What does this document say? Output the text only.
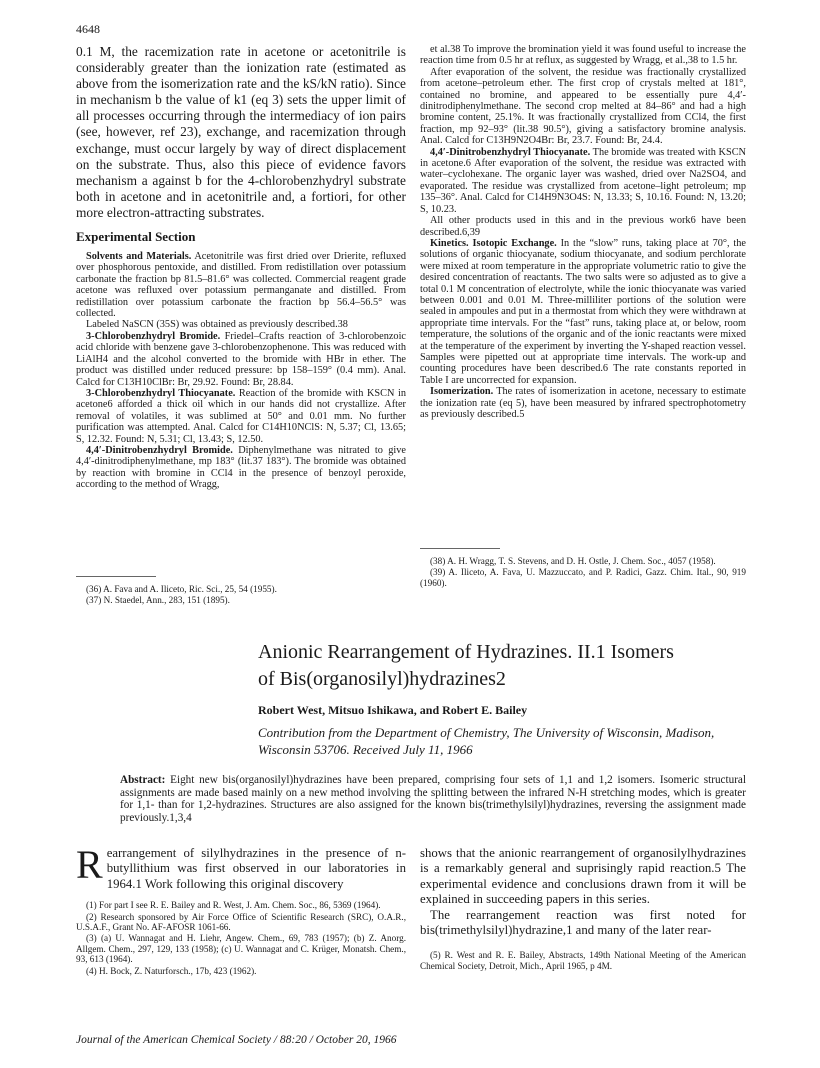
4648

0.1 M, the racemization rate in acetone or acetonitrile is considerably greater than the ionization rate (estimated as above from the isomerization rate and the kS/kN ratio). Since in mechanism b the value of k1 (eq 3) sets the upper limit of all processes occurring through the intermediacy of ion pairs (see, however, ref 23), exchange, and racemization through exchange, must occur largely by way of direct displacement on the substrate. Thus, also this piece of evidence favors mechanism a against b for the 4-chlorobenzhydryl substrate both in acetone and in acetonitrile and, a fortiori, for other more electron-attracting substrates.

Experimental Section

Solvents and Materials. Acetonitrile was first dried over Drierite, refluxed over phosphorous pentoxide, and distilled. From redistillation over potassium carbonate the fraction bp 81.5–81.6° was collected. Commercial reagent grade acetone was refluxed over potassium permanganate and distilled. From redistillation over potassium carbonate the fraction bp 56.4–56.5° was collected.

Labeled NaSCN (35S) was obtained as previously described.38

3-Chlorobenzhydryl Bromide. Friedel–Crafts reaction of 3-chlorobenzoic acid chloride with benzene gave 3-chlorobenzophenone. This was reduced with LiAlH4 and the alcohol converted to the bromide with HBr in ether. The product was distilled under reduced pressure: bp 158–159° (0.4 mm). Anal. Calcd for C13H10ClBr: Br, 29.92. Found: Br, 28.84.

3-Chlorobenzhydryl Thiocyanate. Reaction of the bromide with KSCN in acetone6 afforded a thick oil which in our hands did not crystallize. After removal of volatiles, it was sublimed at 50° and 0.01 mm. No further purification was attempted. Anal. Calcd for C14H10NClS: N, 5.37; Cl, 13.65; S, 12.32. Found: N, 5.31; Cl, 13.43; S, 12.50.

4,4′-Dinitrobenzhydryl Bromide. Diphenylmethane was nitrated to give 4,4′-dinitrodiphenylmethane, mp 183° (lit.37 183°). The bromide was obtained by reaction with bromine in CCl4 in the presence of benzoyl peroxide, according to the method of Wragg,

(36) A. Fava and A. Iliceto, Ric. Sci., 25, 54 (1955).

(37) N. Staedel, Ann., 283, 151 (1895).

et al.38 To improve the bromination yield it was found useful to increase the reaction time from 0.5 hr at reflux, as suggested by Wragg, et al.,38 to 1.5 hr.

After evaporation of the solvent, the residue was fractionally crystallized from acetone–petroleum ether. The first crop of crystals melted at 181°, contained no bromine, and appeared to be essentially pure 4,4′-dinitrodiphenylmethane. The second crop melted at 84–86° and had a high bromine content, 25.1%. It was fractionally crystallized from CCl4, the first fraction, mp 92–93° (lit.38 90.5°), giving a satisfactory bromine analysis. Anal. Calcd for C13H9N2O4Br: Br, 23.7. Found: Br, 24.4.

4,4′-Dinitrobenzhydryl Thiocyanate. The bromide was treated with KSCN in acetone.6 After evaporation of the solvent, the residue was extracted with water–cyclohexane. The organic layer was washed, dried over Na2SO4, and evaporated. The residue was crystallized from acetone–light petroleum; mp 135–36°. Anal. Calcd for C14H9N3O4S: N, 13.33; S, 10.16. Found: N, 13.20; S, 10.23.

All other products used in this and in the previous work6 have been described.6,39

Kinetics. Isotopic Exchange. In the “slow” runs, taking place at 70°, the solutions of organic thiocyanate, sodium thiocyanate, and sodium perchlorate were mixed at room temperature in the appropriate volumetric ratio to give the desired concentration of reactants. The two salts were so adjusted as to give a total 0.1 M concentration of electrolyte, while the ionic thiocyanate was varied between 0.001 and 0.01 M. Three-milliliter portions of the solution were sealed in ampoules and put in a thermostat from which they were withdrawn at appropriate time intervals. For the “fast” runs, taking place at, or below, room temperature, the solutions of the organic and of the ionic reactants were mixed at the temperature of the experiment by inverting the Y-shaped reaction vessel. Samples were pipetted out at appropriate time intervals. The work-up and counting procedures have been described.6 The rate constants reported in Table I are uncorrected for expansion.

Isomerization. The rates of isomerization in acetone, necessary to estimate the ionization rate (eq 5), have been measured by infrared spectrophotometry as previously described.5

(38) A. H. Wragg, T. S. Stevens, and D. H. Ostle, J. Chem. Soc., 4057 (1958).

(39) A. Iliceto, A. Fava, U. Mazzuccato, and P. Radici, Gazz. Chim. Ital., 90, 919 (1960).

Anionic Rearrangement of Hydrazines. II.1 Isomers
of Bis(organosilyl)hydrazines2
Robert West, Mitsuo Ishikawa, and Robert E. Bailey
Contribution from the Department of Chemistry, The University of Wisconsin, Madison, Wisconsin 53706. Received July 11, 1966
Abstract: Eight new bis(organosilyl)hydrazines have been prepared, comprising four sets of 1,1 and 1,2 isomers. Isomeric structural assignments are made based mainly on a new method involving the splitting between the infrared N-H stretching modes, which is greater for 1,1- than for 1,2-hydrazines. Structures are also assigned for the known bis(trimethylsilyl)hydrazines, reversing the assignment made previously.1,3,4

Rearrangement of silylhydrazines in the presence of n-butyllithium was first observed in our laboratories in 1964.1 Work following this original discovery

(1) For part I see R. E. Bailey and R. West, J. Am. Chem. Soc., 86, 5369 (1964).

(2) Research sponsored by Air Force Office of Scientific Research (SRC), O.A.R., U.S.A.F., Grant No. AF-AFOSR 1061-66.

(3) (a) U. Wannagat and H. Liehr, Angew. Chem., 69, 783 (1957); (b) Z. Anorg. Allgem. Chem., 297, 129, 133 (1958); (c) U. Wannagat and C. Krüger, Monatsh. Chem., 93, 613 (1964).

(4) H. Bock, Z. Naturforsch., 17b, 423 (1962).

shows that the anionic rearrangement of organosilylhydrazines is a remarkably general and suprisingly rapid reaction.5 The experimental evidence and conclusions drawn from it will be explained in succeeding papers in this series.

The rearrangement reaction was first noted for bis(trimethylsilyl)hydrazine,1 and many of the later rear-

(5) R. West and R. E. Bailey, Abstracts, 149th National Meeting of the American Chemical Society, Detroit, Mich., April 1965, p 4M.

Journal of the American Chemical Society / 88:20 / October 20, 1966
